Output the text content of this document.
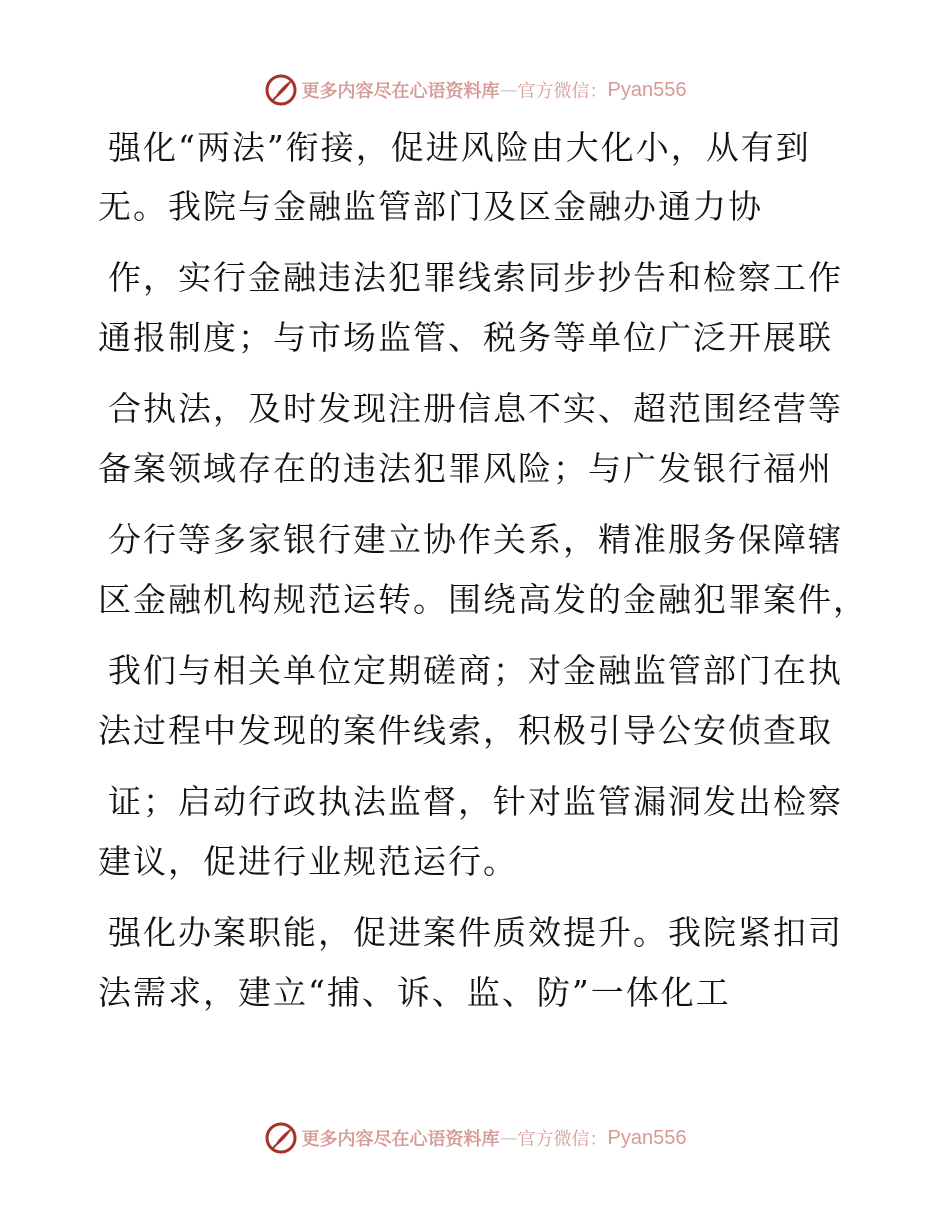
更多内容尽在心语资料库 — 官方微信： Pyan556
强化“两法”衔接，促进风险由大化小，从有到
无。我院与金融监管部门及区金融办通力协
作，实行金融违法犯罪线索同步抄告和检察工作
通报制度；与市场监管、税务等单位广泛开展联
合执法，及时发现注册信息不实、超范围经营等
备案领域存在的违法犯罪风险；与广发银行福州
分行等多家银行建立协作关系，精准服务保障辖
区金融机构规范运转。围绕高发的金融犯罪案件，
我们与相关单位定期磋商；对金融监管部门在执
法过程中发现的案件线索，积极引导公安侦查取
证；启动行政执法监督，针对监管漏洞发出检察
建议，促进行业规范运行。
强化办案职能，促进案件质效提升。我院紧扣司
法需求，建立“捕、诉、监、防”一体化工
更多内容尽在心语资料库 — 官方微信： Pyan556
